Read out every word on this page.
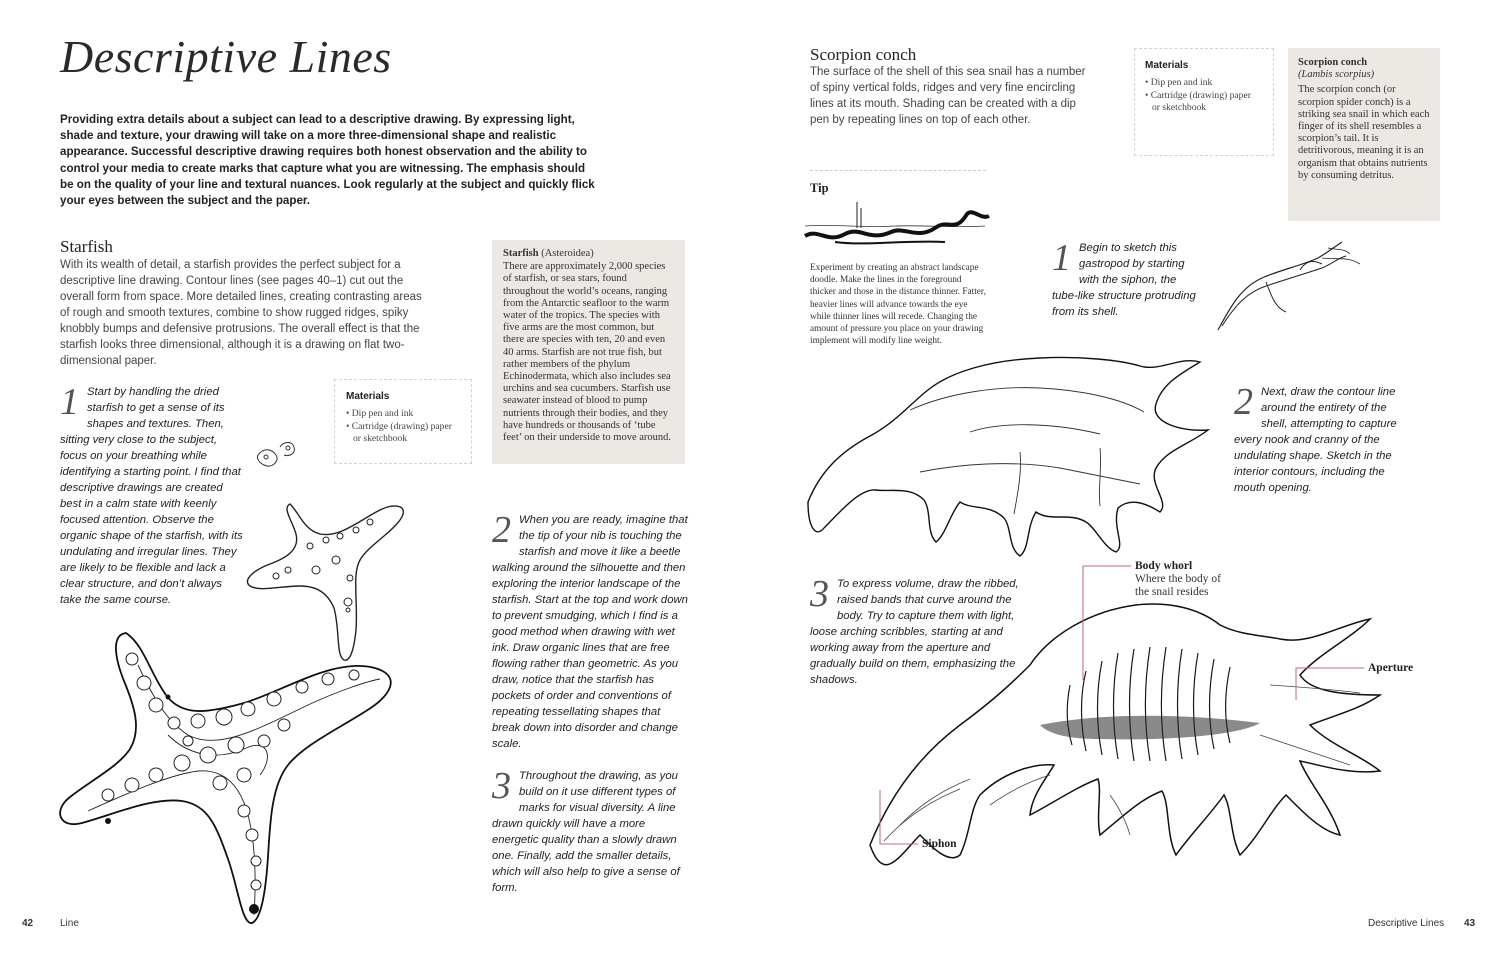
Descriptive Lines
Providing extra details about a subject can lead to a descriptive drawing. By expressing light, shade and texture, your drawing will take on a more three-dimensional shape and realistic appearance. Successful descriptive drawing requires both honest observation and the ability to control your media to create marks that capture what you are witnessing. The emphasis should be on the quality of your line and textural nuances. Look regularly at the subject and quickly flick your eyes between the subject and the paper.
Starfish
With its wealth of detail, a starfish provides the perfect subject for a descriptive line drawing. Contour lines (see pages 40–1) cut out the overall form from space. More detailed lines, creating contrasting areas of rough and smooth textures, combine to show rugged ridges, spiky knobbly bumps and defensive protrusions. The overall effect is that the starfish looks three dimensional, although it is a drawing on flat two-dimensional paper.
Starfish (Asteroidea)
There are approximately 2,000 species of starfish, or sea stars, found throughout the world’s oceans, ranging from the Antarctic seafloor to the warm water of the tropics. The species with five arms are the most common, but there are species with ten, 20 and even 40 arms. Starfish are not true fish, but rather members of the phylum Echinodermata, which also includes sea urchins and sea cucumbers. Starfish use seawater instead of blood to pump nutrients through their bodies, and they have hundreds or thousands of ‘tube feet’ on their underside to move around.
Materials
• Dip pen and ink
• Cartridge (drawing) paper
or sketchbook
1 Start by handling the dried starfish to get a sense of its shapes and textures. Then, sitting very close to the subject, focus on your breathing while identifying a starting point. I find that descriptive drawings are created best in a calm state with keenly focused attention. Observe the organic shape of the starfish, with its undulating and irregular lines. They are likely to be flexible and lack a clear structure, and don’t always take the same course.
2 When you are ready, imagine that the tip of your nib is touching the starfish and move it like a beetle walking around the silhouette and then exploring the interior landscape of the starfish. Start at the top and work down to prevent smudging, which I find is a good method when drawing with wet ink. Draw organic lines that are free flowing rather than geometric. As you draw, notice that the starfish has pockets of order and conventions of repeating tessellating shapes that break down into disorder and change scale.
3 Throughout the drawing, as you build on it use different types of marks for visual diversity. A line drawn quickly will have a more energetic quality than a slowly drawn one. Finally, add the smaller details, which will also help to give a sense of form.
42	Line
Scorpion conch
The surface of the shell of this sea snail has a number of spiny vertical folds, ridges and very fine encircling lines at its mouth. Shading can be created with a dip pen by repeating lines on top of each other.
Materials
• Dip pen and ink
• Cartridge (drawing) paper
or sketchbook
Scorpion conch
(Lambis scorpius)
The scorpion conch (or scorpion spider conch) is a striking sea snail in which each finger of its shell resembles a scorpion’s tail. It is detritivorous, meaning it is an organism that obtains nutrients by consuming detritus.
Tip
Experiment by creating an abstract landscape doodle. Make the lines in the foreground thicker and those in the distance thinner. Fatter, heavier lines will advance towards the eye while thinner lines will recede. Changing the amount of pressure you place on your drawing implement will modify line weight.
1 Begin to sketch this gastropod by starting with the siphon, the tube-like structure protruding from its shell.
2 Next, draw the contour line around the entirety of the shell, attempting to capture every nook and cranny of the undulating shape. Sketch in the interior contours, including the mouth opening.
3 To express volume, draw the ribbed, raised bands that curve around the body. Try to capture them with light, loose arching scribbles, starting at and working away from the aperture and gradually build on them, emphasizing the shadows.
Body whorl
Where the body of the snail resides
Aperture
Siphon
Descriptive Lines 43
